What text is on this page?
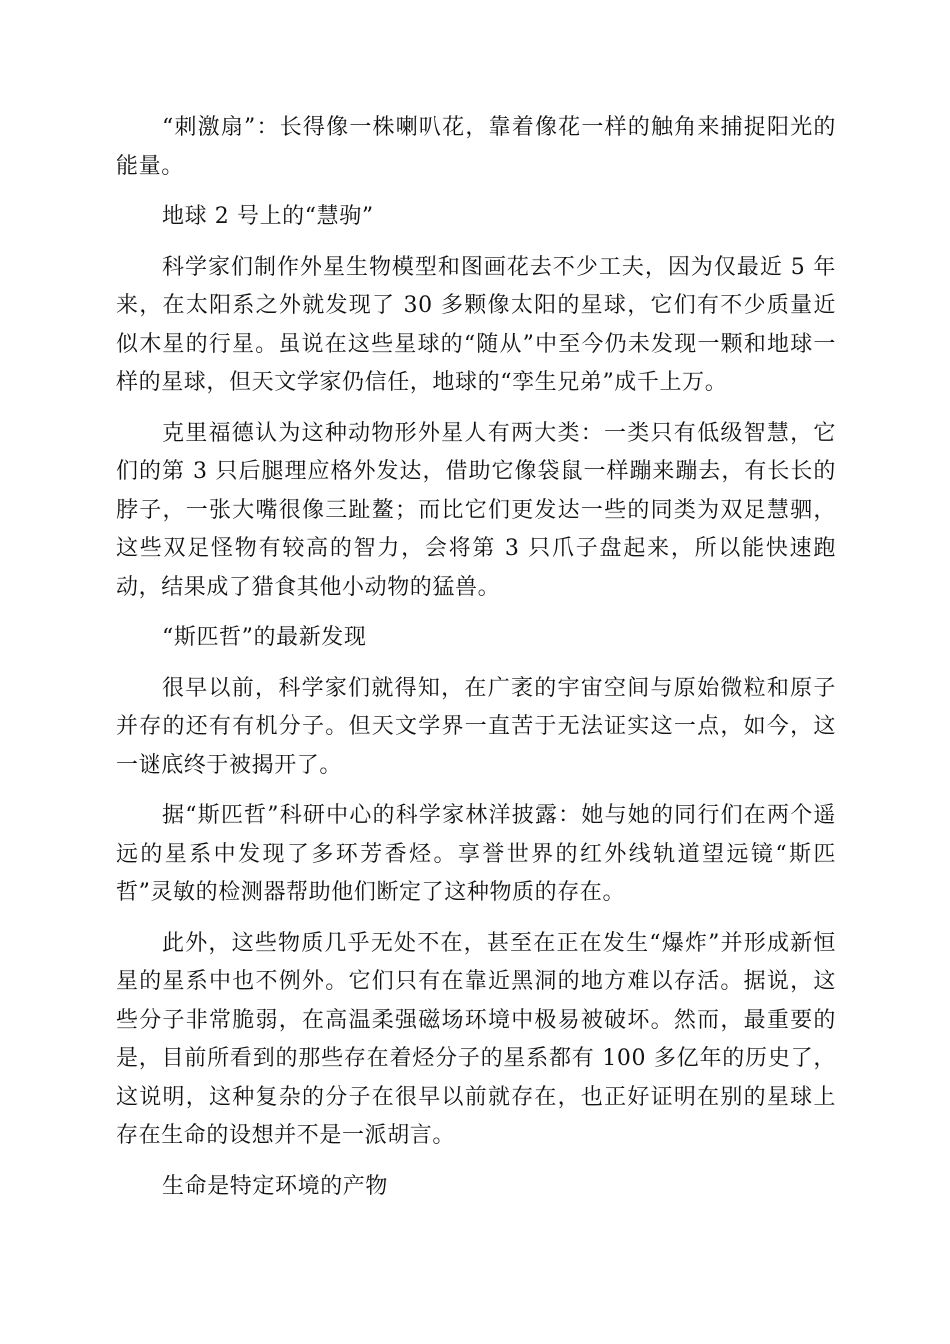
“刺激扇”：长得像一株喇叭花，靠着像花一样的触角来捕捉阳光的能量。

地球 2 号上的“慧驹”

科学家们制作外星生物模型和图画花去不少工夫，因为仅最近 5 年来，在太阳系之外就发现了 30 多颗像太阳的星球，它们有不少质量近似木星的行星。虽说在这些星球的“随从”中至今仍未发现一颗和地球一样的星球，但天文学家仍信任，地球的“孪生兄弟”成千上万。

克里福德认为这种动物形外星人有两大类：一类只有低级智慧，它们的第 3 只后腿理应格外发达，借助它像袋鼠一样蹦来蹦去，有长长的脖子，一张大嘴很像三趾鳌；而比它们更发达一些的同类为双足慧驷，这些双足怪物有较高的智力，会将第 3 只爪子盘起来，所以能快速跑动，结果成了猎食其他小动物的猛兽。

“斯匹哲”的最新发现

很早以前，科学家们就得知，在广袤的宇宙空间与原始微粒和原子并存的还有有机分子。但天文学界一直苦于无法证实这一点，如今，这一谜底终于被揭开了。

据“斯匹哲”科研中心的科学家林洋披露：她与她的同行们在两个遥远的星系中发现了多环芳香烃。享誉世界的红外线轨道望远镜“斯匹哲”灵敏的检测器帮助他们断定了这种物质的存在。

此外，这些物质几乎无处不在，甚至在正在发生“爆炸”并形成新恒星的星系中也不例外。它们只有在靠近黑洞的地方难以存活。据说，这些分子非常脆弱，在高温柔强磁场环境中极易被破坏。然而，最重要的是，目前所看到的那些存在着烃分子的星系都有 100 多亿年的历史了，这说明，这种复杂的分子在很早以前就存在，也正好证明在别的星球上存在生命的设想并不是一派胡言。

生命是特定环境的产物
